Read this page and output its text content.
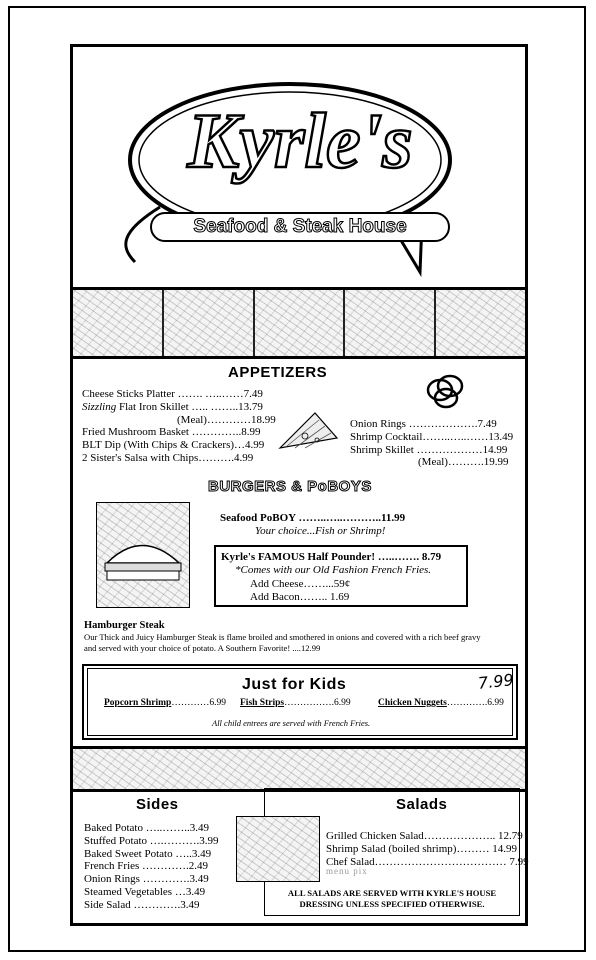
Kyrle's
Seafood & Steak House
APPETIZERS
Cheese Sticks Platter ……. …..……7.49
Sizzling Flat Iron Skillet ….. ……..13.79
(Meal)…………18.99
Fried Mushroom Basket …………..8.99
BLT Dip (With Chips & Crackers)…4.99
2 Sister's Salsa with Chips……….4.99
Onion Rings ……………….7.49
Shrimp Cocktail……..…..……13.49
Shrimp Skillet ………………14.99
(Meal)……….19.99
BURGERS & PoBOYS
Seafood PoBOY ……..…..………..11.99
Your choice...Fish or Shrimp!
Kyrle's FAMOUS Half Pounder! …..……. 8.79
*Comes with our Old Fashion French Fries.
Add Cheese……...59¢
Add Bacon…….. 1.69
Hamburger Steak
Our Thick and Juicy Hamburger Steak is flame broiled and smothered in onions and covered with a rich beef gravy
and served with your choice of potato. A Southern Favorite! ....12.99
Just for Kids	7.99
Popcorn Shrimp…………6.99 Fish Strips…………….6.99	Chicken Nuggets………….6.99
All child entrees are served with French Fries.
Sides	Salads
Baked Potato …..……..3.49
Stuffed Potato ….……….3.99
Baked Sweet Potato …..3.49
French Fries ………….2.49
Onion Rings ………….3.49
Steamed Vegetables …3.49
Side Salad ………….3.49
Grilled Chicken Salad……………….. 12.79
Shrimp Salad (boiled shrimp)……… 14.99
Chef Salad……………………………… 7.99
menu pix
ALL SALADS ARE SERVED WITH KYRLE'S HOUSE
DRESSING UNLESS SPECIFIED OTHERWISE.
